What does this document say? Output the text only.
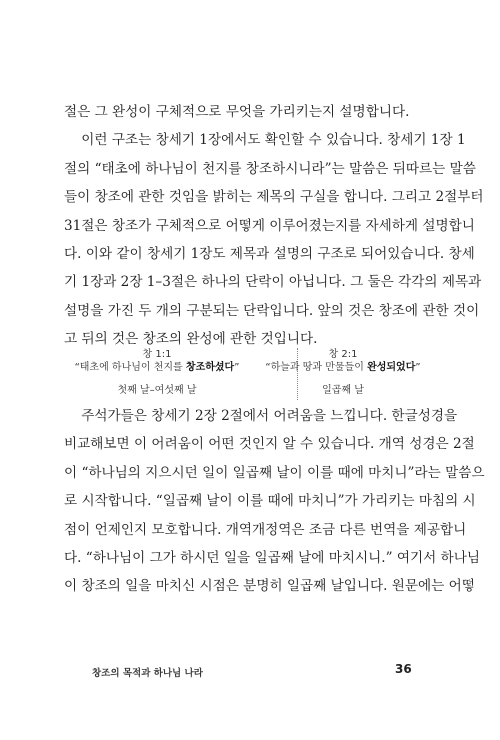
절은 그 완성이 구체적으로 무엇을 가리키는지 설명합니다.
이런 구조는 창세기 1장에서도 확인할 수 있습니다. 창세기 1장 1
절의 “태초에 하나님이 천지를 창조하시니라”는 말씀은 뒤따르는 말씀
들이 창조에 관한 것임을 밝히는 제목의 구실을 합니다. 그리고 2절부터
31절은 창조가 구체적으로 어떻게 이루어졌는지를 자세하게 설명합니
다. 이와 같이 창세기 1장도 제목과 설명의 구조로 되어있습니다. 창세
기 1장과 2장 1–3절은 하나의 단락이 아닙니다. 그 둘은 각각의 제목과
설명을 가진 두 개의 구분되는 단락입니다. 앞의 것은 창조에 관한 것이
고 뒤의 것은 창조의 완성에 관한 것입니다.
창 1:1
“태초에 하나님이 천지를 창조하셨다”
첫째 날–여섯째 날
창 2:1
“하늘과 땅과 만물들이 완성되었다”
일곱째 날
주석가들은 창세기 2장 2절에서 어려움을 느낍니다. 한글성경을
비교해보면 이 어려움이 어떤 것인지 알 수 있습니다. 개역 성경은 2절
이 “하나님의 지으시던 일이 일곱째 날이 이를 때에 마치니”라는 말씀으
로 시작합니다. “일곱째 날이 이를 때에 마치니”가 가리키는 마침의 시
점이 언제인지 모호합니다. 개역개정역은 조금 다른 번역을 제공합니
다. “하나님이 그가 하시던 일을 일곱째 날에 마치시니.” 여기서 하나님
이 창조의 일을 마치신 시점은 분명히 일곱째 날입니다. 원문에는 어떻
창조의 목적과 하나님 나라	36
